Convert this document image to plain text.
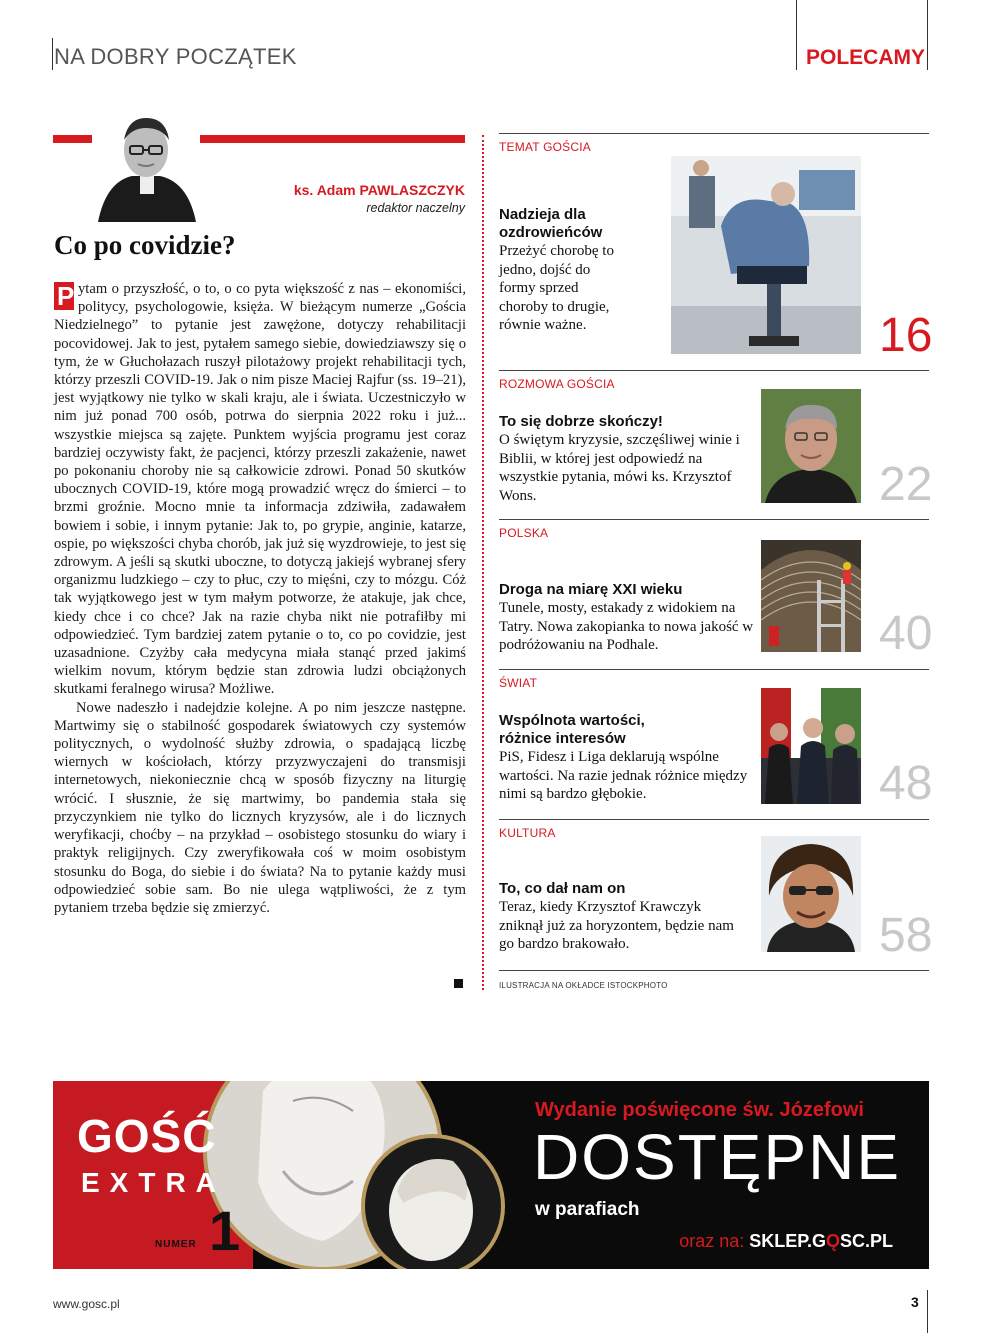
NA DOBRY POCZĄTEK	POLECAMY
ks. Adam PAWLASZCZYK
redaktor naczelny
Co po covidzie?

P ytam o przyszłość, o to, o co pyta większość z nas – ekonomiści, politycy, psychologowie, księża. W bieżącym numerze „Gościa Niedzielnego” to pytanie jest zawężone, dotyczy rehabilitacji pocovidowej. Jak to jest, pytałem samego siebie, dowiedziawszy się o tym, że w Głuchołazach ruszył pilotażowy projekt rehabilitacji tych, którzy przeszli COVID-19. Jak o nim pisze Maciej Rajfur (ss. 19–21), jest wyjątkowy nie tylko w skali kraju, ale i świata. Uczestniczyło w nim już ponad 700 osób, potrwa do sierpnia 2022 roku i już... wszystkie miejsca są zajęte. Punktem wyjścia programu jest coraz bardziej oczywisty fakt, że pacjenci, którzy przeszli zakażenie, nawet po pokonaniu choroby nie są całkowicie zdrowi. Ponad 50 skutków ubocznych COVID-19, które mogą prowadzić wręcz do śmierci – to brzmi groźnie. Mocno mnie ta informacja zdziwiła, zadawałem bowiem i sobie, i innym pytanie: Jak to, po grypie, anginie, katarze, ospie, po większości chyba chorób, jak już się wyzdrowieje, to jest się zdrowym. A jeśli są skutki uboczne, to dotyczą jakiejś wybranej sfery organizmu ludzkiego – czy to płuc, czy to mięśni, czy to mózgu. Cóż tak wyjątkowego jest w tym małym potworze, że atakuje, jak chce, kiedy chce i co chce? Jak na razie chyba nikt nie potrafiłby mi odpowiedzieć. Tym bardziej zatem pytanie o to, co po covidzie, jest uzasadnione. Czyżby cała medycyna miała stanąć przed jakimś wielkim novum, którym będzie stan zdrowia ludzi obciążonych skutkami feralnego wirusa? Możliwe.

Nowe nadeszło i nadejdzie kolejne. A po nim jeszcze następne. Martwimy się o stabilność gospodarek światowych czy systemów politycznych, o wydolność służby zdrowia, o spadającą liczbę wiernych w kościołach, którzy przyzwyczajeni do transmisji internetowych, niekoniecznie chcą w sposób fizyczny na liturgię wrócić. I słusznie, że się martwimy, bo pandemia stała się przyczynkiem nie tylko do licznych kryzysów, ale i do licznych weryfikacji, choćby – na przykład – osobistego stosunku do wiary i praktyk religijnych. Czy zweryfikowała coś w moim osobistym stosunku do Boga, do siebie i do świata? Na to pytanie każdy musi odpowiedzieć sobie sam. Bo nie ulega wątpliwości, że z tym pytaniem trzeba będzie się zmierzyć.

TEMAT GOŚCIA
Nadzieja dla ozdrowieńców
Przeżyć chorobę to jedno, dojść do formy sprzed choroby to drugie, równie ważne.	16
ROZMOWA GOŚCIA
To się dobrze skończy!
O świętym kryzysie, szczęśliwej winie i Biblii, w której jest odpowiedź na wszystkie pytania, mówi ks. Krzysztof Wons.	22
POLSKA
Droga na miarę XXI wieku
Tunele, mosty, estakady z widokiem na Tatry. Nowa zakopianka to nowa jakość w podróżowaniu na Podhale.	40
ŚWIAT
Wspólnota wartości, różnice interesów
PiS, Fidesz i Liga deklarują wspólne wartości. Na razie jednak różnice między nimi są bardzo głębokie.	48
KULTURA
To, co dał nam on
Teraz, kiedy Krzysztof Krawczyk zniknął już za horyzontem, będzie nam go bardzo brakowało.	58
ILUSTRACJA NA OKŁADCE ISTOCKPHOTO
GOŚĆ
EXTRA
NUMER 1
Wydanie poświęcone św. Józefowi
DOSTĘPNE
w parafiach
oraz na: SKLEP.GǪSC.PL
www.gosc.pl	3
